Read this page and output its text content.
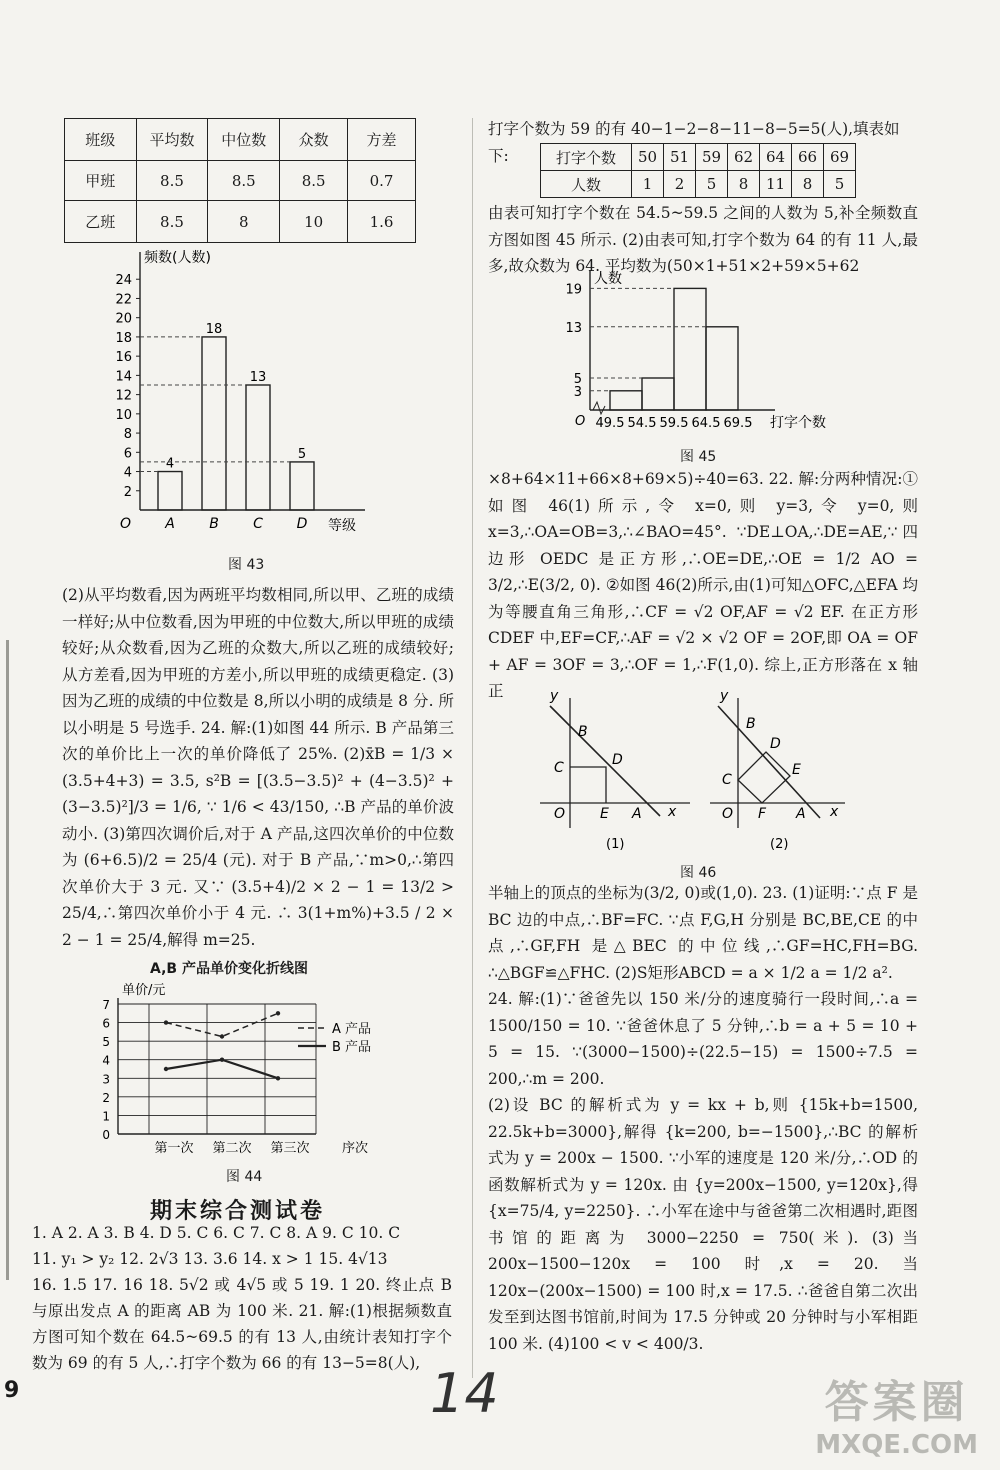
班级	平均数	中位数	众数	方差
甲班	8.5	8.5	8.5	0.7
乙班	8.5	8	10	1.6
频数(人数)
等级
O
2
4
6
8
10
12
14
16
18
20
22
24
4
A
18
B
13
C
5
D
图 43

(2)从平均数看,因为两班平均数相同,所以甲、乙班的成绩一样好;从中位数看,因为甲班的中位数大,所以甲班的成绩较好;从众数看,因为乙班的众数大,所以乙班的成绩较好;从方差看,因为甲班的方差小,所以甲班的成绩更稳定. (3)因为乙班的成绩的中位数是 8,所以小明的成绩是 8 分. 所以小明是 5 号选手. 24. 解:(1)如图 44 所示. B 产品第三次的单价比上一次的单价降低了 25%. (2)x̄B = 1/3 × (3.5+4+3) = 3.5, s²B = [(3.5−3.5)² + (4−3.5)² + (3−3.5)²]/3 = 1/6, ∵ 1/6 < 43/150, ∴B 产品的单价波动小. (3)第四次调价后,对于 A 产品,这四次单价的中位数为 (6+6.5)/2 = 25/4 (元). 对于 B 产品,∵m>0,∴第四次单价大于 3 元. 又∵ (3.5+4)/2 × 2 − 1 = 13/2 > 25/4,∴第四次单价小于 4 元. ∴ 3(1+m%)+3.5 / 2 × 2 − 1 = 25/4,解得 m=25.

A,B 产品单价变化折线图
单价/元
0
1
2
3
4
5
6
7
第一次 第二次 第三次 序次
A 产品
B 产品
图 44
期末综合测试卷

1. A 2. A 3. B 4. D 5. C 6. C 7. C 8. A 9. C 10. C

11. y₁ > y₂ 12. 2√3 13. 3.6 14. x > 1 15. 4√13

16. 1.5 17. 16 18. 5√2 或 4√5 或 5 19. 1 20. 终止点 B 与原出发点 A 的距离 AB 为 100 米. 21. 解:(1)根据频数直方图可知个数在 64.5~69.5 的有 13 人,由统计表知打字个数为 69 的有 5 人,∴打字个数为 66 的有 13−5=8(人),

打字个数为 59 的有 40−1−2−8−11−8−5=5(人),填表如下:	打字个数	50	51	59	62	64	66	69
人数	1	2	5	8	11	8	5

由表可知打字个数在 54.5~59.5 之间的人数为 5,补全频数直方图如图 45 所示. (2)由表可知,打字个数为 64 的有 11 人,最多,故众数为 64. 平均数为(50×1+51×2+59×5+62

人数
打字个数
O
3
5
13
19
49.5 54.5 59.5 64.5 69.5
图 45

×8+64×11+66×8+69×5)÷40=63. 22. 解:分两种情况:①如图 46(1)所示,令 x=0,则 y=3,令 y=0,则 x=3,∴OA=OB=3,∴∠BAO=45°. ∵DE⊥OA,∴DE=AE,∵四边形 OEDC 是正方形,∴OE=DE,∴OE = 1/2 AO = 3/2,∴E(3/2, 0). ②如图 46(2)所示,由(1)可知△OFC,△EFA 均为等腰直角三角形,∴CF = √2 OF,AF = √2 EF. 在正方形 CDEF 中,EF=CF,∴AF = √2 × √2 OF = 2OF,即 OA = OF + AF = 3OF = 3,∴OF = 1,∴F(1,0). 综上,正方形落在 x 轴正	y
B
C	D
O E A x
(1)
y
B
D
C
E
O F A x
(2)
图 46

半轴上的顶点的坐标为(3/2, 0)或(1,0). 23. (1)证明:∵点 F 是 BC 边的中点,∴BF=FC. ∵点 F,G,H 分别是 BC,BE,CE 的中点,∴GF,FH 是△BEC 的中位线,∴GF=HC,FH=BG. ∴△BGF≌△FHC. (2)S矩形ABCD = a × 1/2 a = 1/2 a².

24. 解:(1)∵爸爸先以 150 米/分的速度骑行一段时间,∴a = 1500/150 = 10. ∵爸爸休息了 5 分钟,∴b = a + 5 = 10 + 5 = 15. ∵(3000−1500)÷(22.5−15) = 1500÷7.5 = 200,∴m = 200.

(2)设 BC 的解析式为 y = kx + b,则 {15k+b=1500, 22.5k+b=3000},解得 {k=200, b=−1500},∴BC 的解析式为 y = 200x − 1500. ∵小军的速度是 120 米/分,∴OD 的函数解析式为 y = 120x. 由 {y=200x−1500, y=120x},得 {x=75/4, y=2250}. ∴小军在途中与爸爸第二次相遇时,距图书馆的距离为 3000−2250 = 750(米). (3)当 200x−1500−120x = 100 时,x = 20. 当 120x−(200x−1500) = 100 时,x = 17.5. ∴爸爸自第二次出发至到达图书馆前,时间为 17.5 分钟或 20 分钟时与小军相距 100 米. (4)100 < v < 400/3.

9	14	答案圈
MXQE.COM
